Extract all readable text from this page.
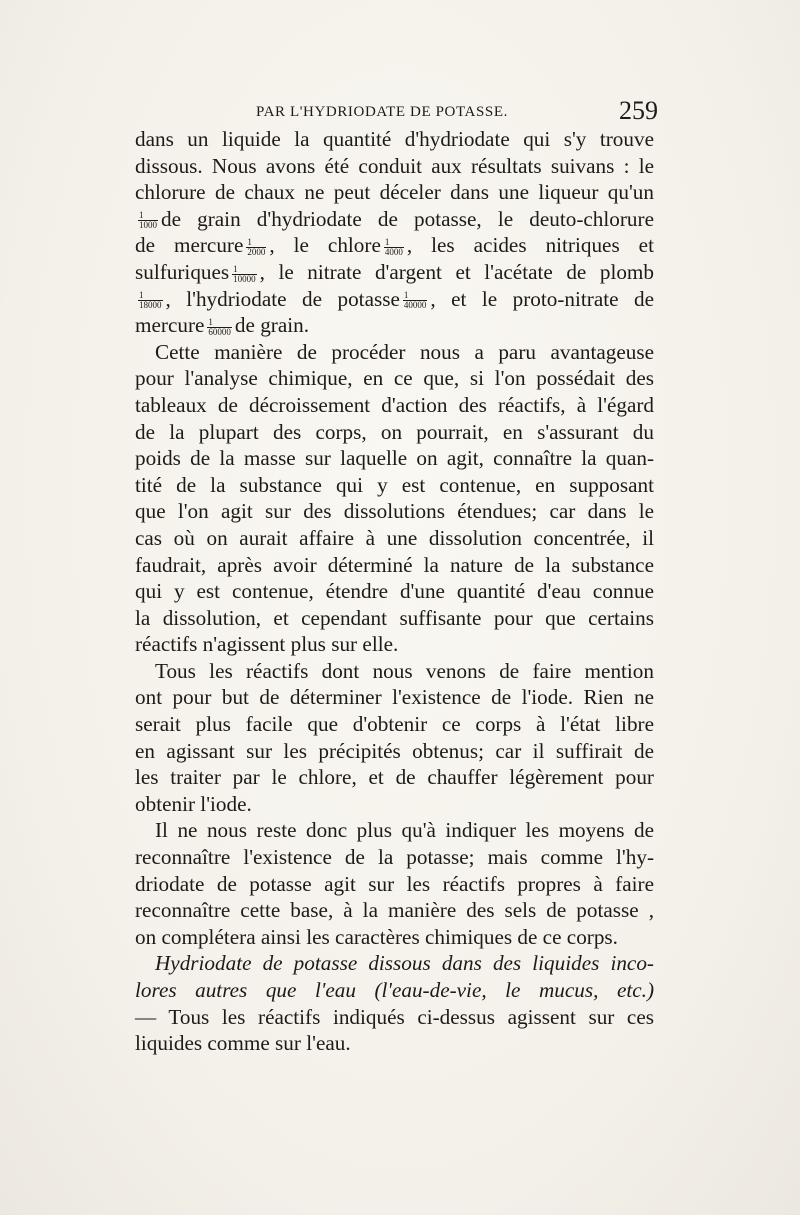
PAR L'HYDRIODATE DE POTASSE.	259
dans un liquide la quantité d'hydriodate qui s'y trouve
dissous. Nous avons été conduit aux résultats suivans : le
chlorure de chaux ne peut déceler dans une liqueur qu'un
$\frac{1}{1000}$ de grain d'hydriodate de potasse, le deuto-chlorure
de mercure $\frac{1}{2000}$ , le chlore $\frac{1}{4000}$ , les acides nitriques et
sulfuriques $\frac{1}{10000}$ , le nitrate d'argent et l'acétate de plomb
$\frac{1}{18000}$ , l'hydriodate de potasse $\frac{1}{40000}$ , et le proto-nitrate de
mercure $\frac{1}{60000}$ de grain.
Cette manière de procéder nous a paru avantageuse
pour l'analyse chimique, en ce que, si l'on possédait des
tableaux de décroissement d'action des réactifs, à l'égard
de la plupart des corps, on pourrait, en s'assurant du
poids de la masse sur laquelle on agit, connaître la quan-
tité de la substance qui y est contenue, en supposant
que l'on agit sur des dissolutions étendues; car dans le
cas où on aurait affaire à une dissolution concentrée, il
faudrait, après avoir déterminé la nature de la substance
qui y est contenue, étendre d'une quantité d'eau connue
la dissolution, et cependant suffisante pour que certains
réactifs n'agissent plus sur elle.
Tous les réactifs dont nous venons de faire mention
ont pour but de déterminer l'existence de l'iode. Rien ne
serait plus facile que d'obtenir ce corps à l'état libre
en agissant sur les précipités obtenus; car il suffirait de
les traiter par le chlore, et de chauffer légèrement pour
obtenir l'iode.
Il ne nous reste donc plus qu'à indiquer les moyens de
reconnaître l'existence de la potasse; mais comme l'hy-
driodate de potasse agit sur les réactifs propres à faire
reconnaître cette base, à la manière des sels de potasse ,
on complétera ainsi les caractères chimiques de ce corps.
Hydriodate de potasse dissous dans des liquides inco-
lores autres que l'eau (l'eau-de-vie, le mucus, etc.)
— Tous les réactifs indiqués ci-dessus agissent sur ces
liquides comme sur l'eau.
